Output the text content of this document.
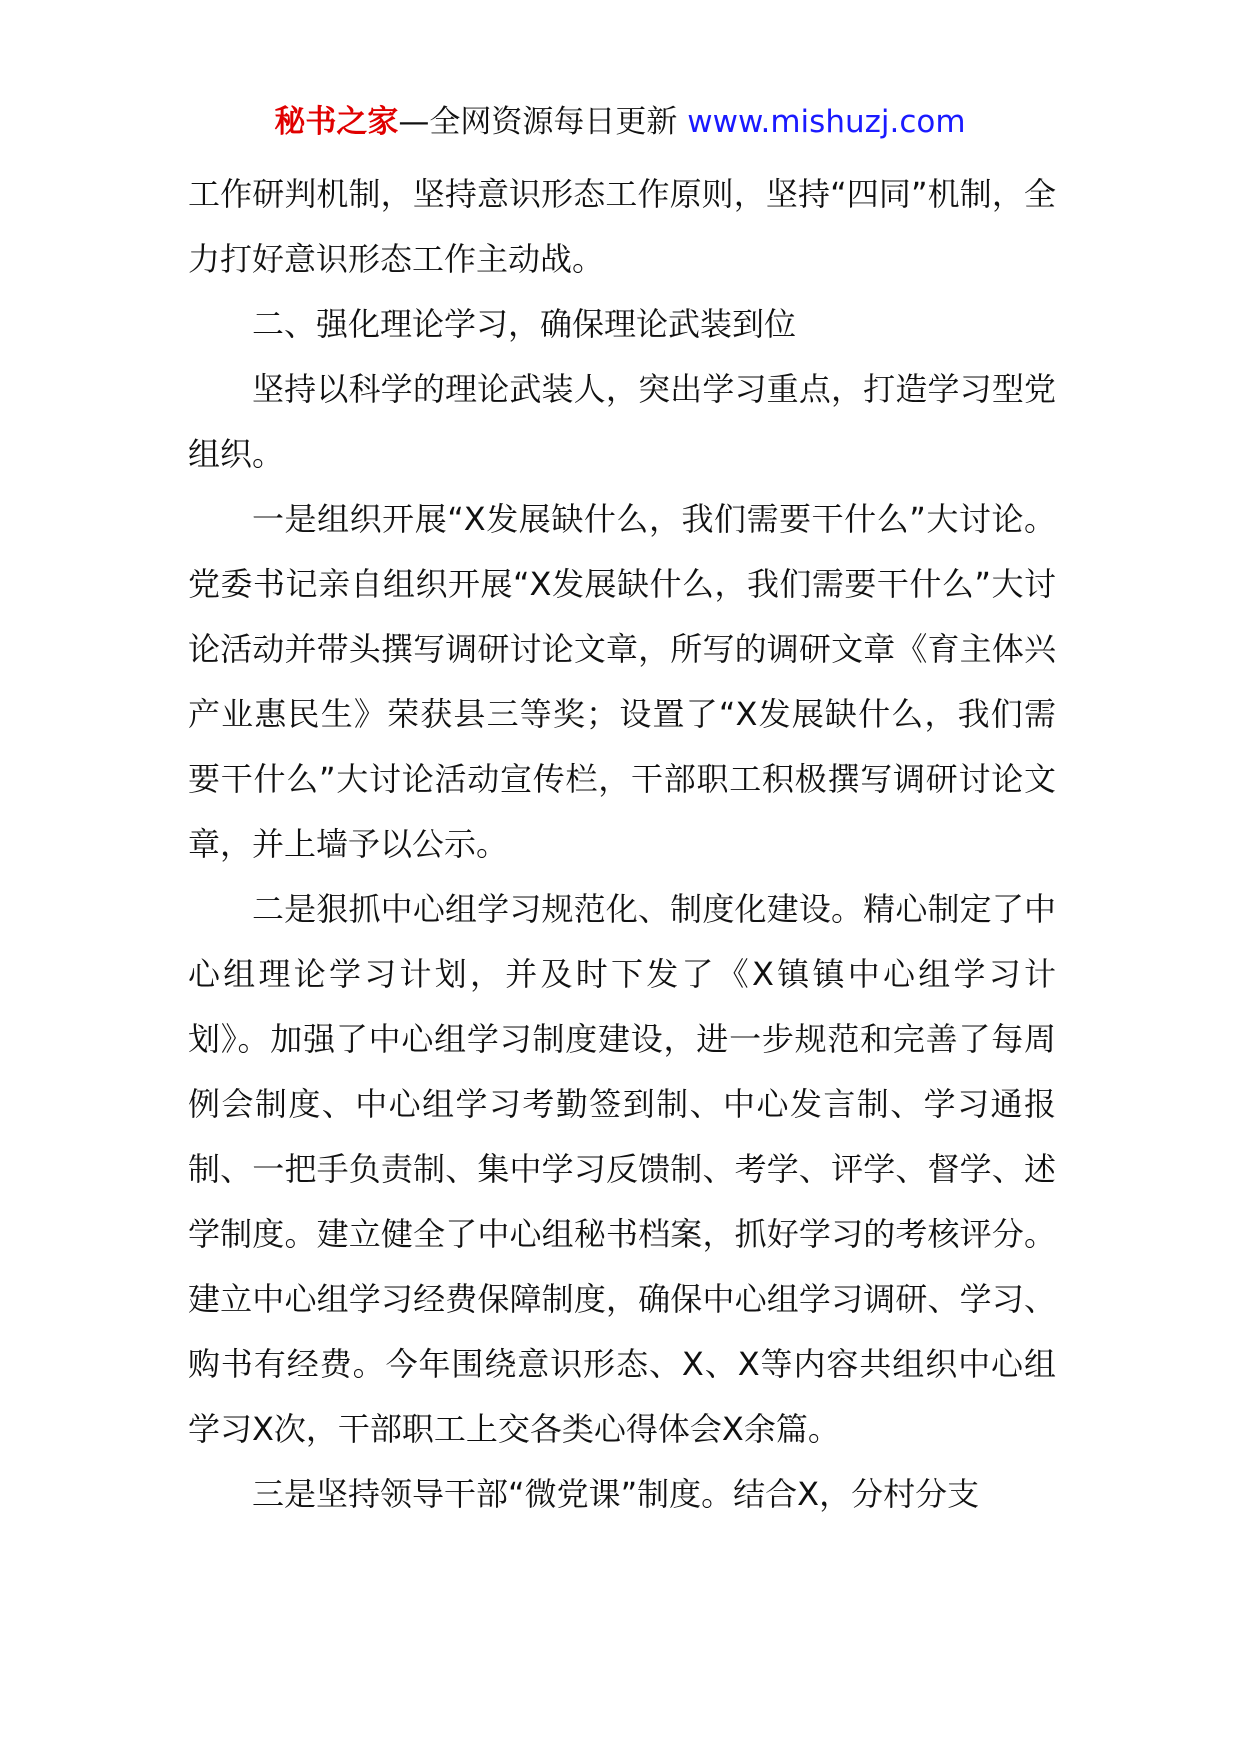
秘书之家—全网资源每日更新 www.mishuzj.com

工作研判机制，坚持意识形态工作原则，坚持“四同”机制，全力打好意识形态工作主动战。

二、强化理论学习，确保理论武装到位

坚持以科学的理论武装人，突出学习重点，打造学习型党组织。

一是组织开展“X发展缺什么，我们需要干什么”大讨论。党委书记亲自组织开展“X发展缺什么，我们需要干什么”大讨论活动并带头撰写调研讨论文章，所写的调研文章《育主体兴产业惠民生》荣获县三等奖；设置了“X发展缺什么，我们需要干什么”大讨论活动宣传栏，干部职工积极撰写调研讨论文章，并上墙予以公示。

二是狠抓中心组学习规范化、制度化建设。精心制定了中心组理论学习计划，并及时下发了《X镇镇中心组学习计划》。加强了中心组学习制度建设，进一步规范和完善了每周例会制度、中心组学习考勤签到制、中心发言制、学习通报制、一把手负责制、集中学习反馈制、考学、评学、督学、述学制度。建立健全了中心组秘书档案，抓好学习的考核评分。建立中心组学习经费保障制度，确保中心组学习调研、学习、购书有经费。今年围绕意识形态、X、X等内容共组织中心组学习X次，干部职工上交各类心得体会X余篇。

三是坚持领导干部“微党课”制度。结合X，分村分支
